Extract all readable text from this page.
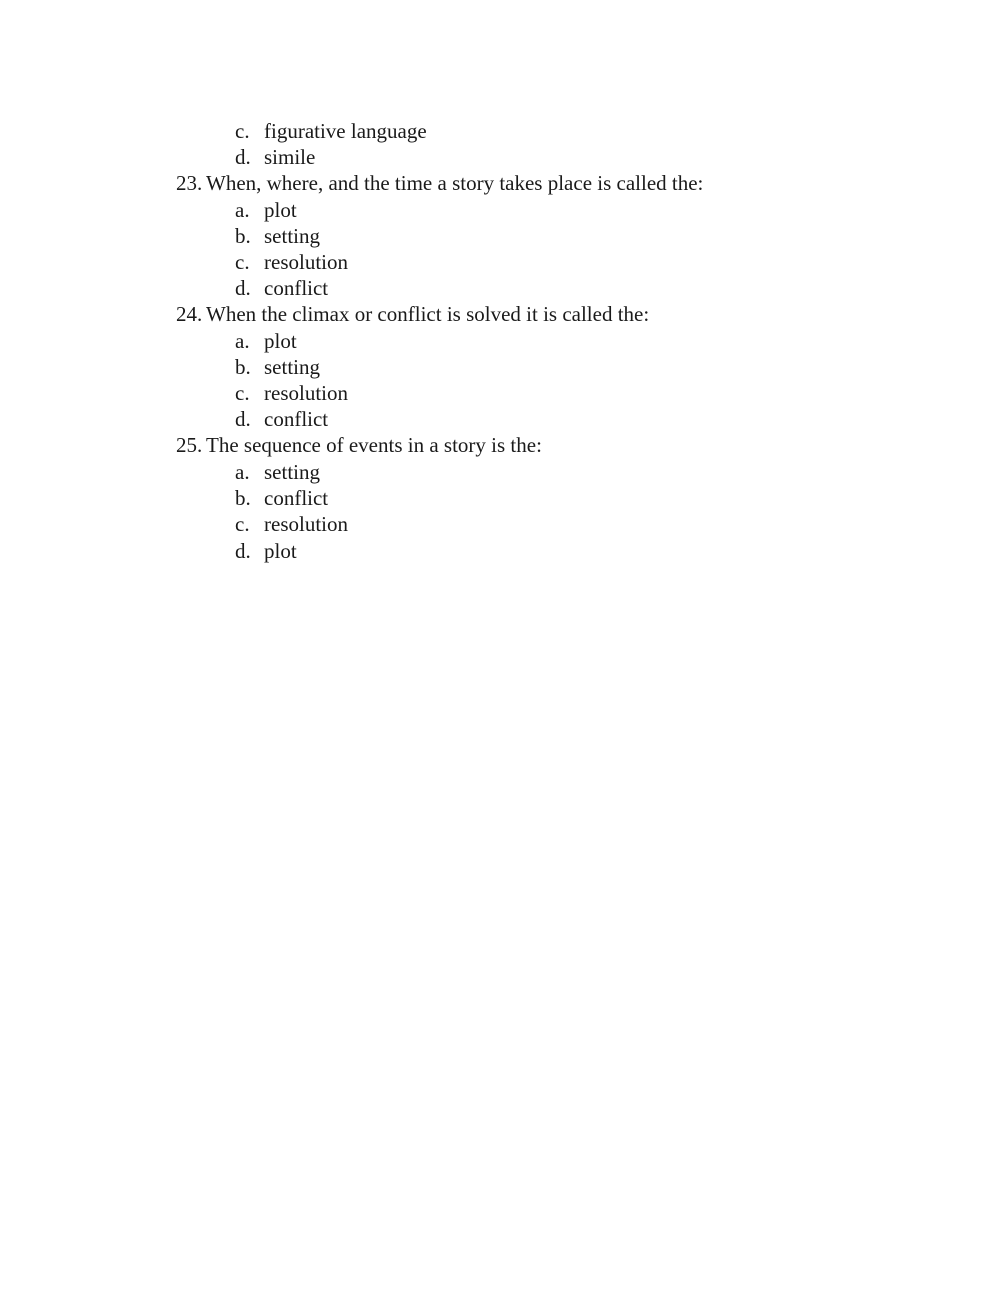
c. figurative language
d. simile
23. When, where, and the time a story takes place is called the:
a. plot
b. setting
c. resolution
d. conflict
24. When the climax or conflict is solved it is called the:
a. plot
b. setting
c. resolution
d. conflict
25. The sequence of events in a story is the:
a. setting
b. conflict
c. resolution
d. plot
